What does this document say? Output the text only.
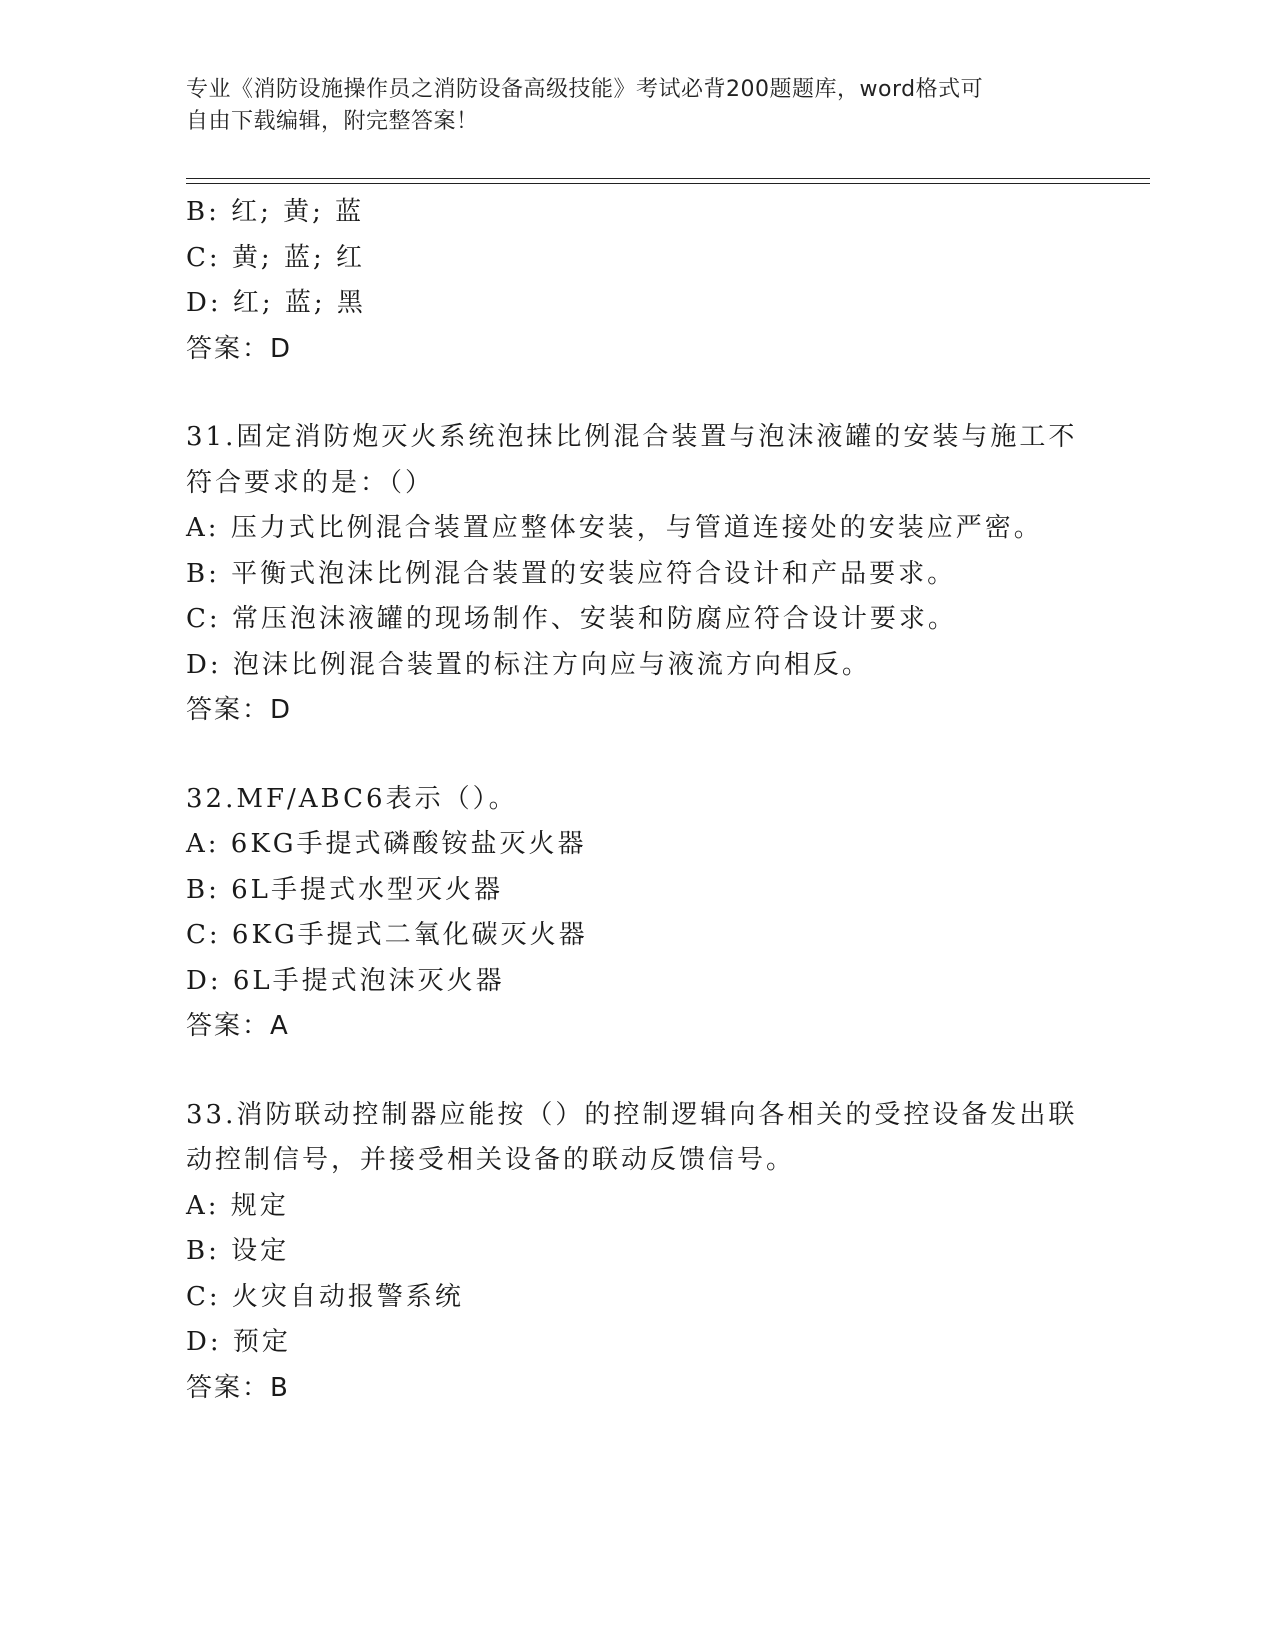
专业《消防设施操作员之消防设备高级技能》考试必背200题题库，word格式可
自由下载编辑，附完整答案！
B: 红; 黄; 蓝
C: 黄; 蓝; 红
D: 红; 蓝; 黑
答案：D
31.固定消防炮灭火系统泡抹比例混合装置与泡沫液罐的安装与施工不
符合要求的是：（）
A: 压力式比例混合装置应整体安装，与管道连接处的安装应严密。
B: 平衡式泡沫比例混合装置的安装应符合设计和产品要求。
C: 常压泡沫液罐的现场制作、安装和防腐应符合设计要求。
D: 泡沫比例混合装置的标注方向应与液流方向相反。
答案：D
32.MF/ABC6表示（）。
A: 6KG手提式磷酸铵盐灭火器
B: 6L手提式水型灭火器
C: 6KG手提式二氧化碳灭火器
D: 6L手提式泡沫灭火器
答案：A
33.消防联动控制器应能按（）的控制逻辑向各相关的受控设备发出联
动控制信号，并接受相关设备的联动反馈信号。
A: 规定
B: 设定
C: 火灾自动报警系统
D: 预定
答案：B
